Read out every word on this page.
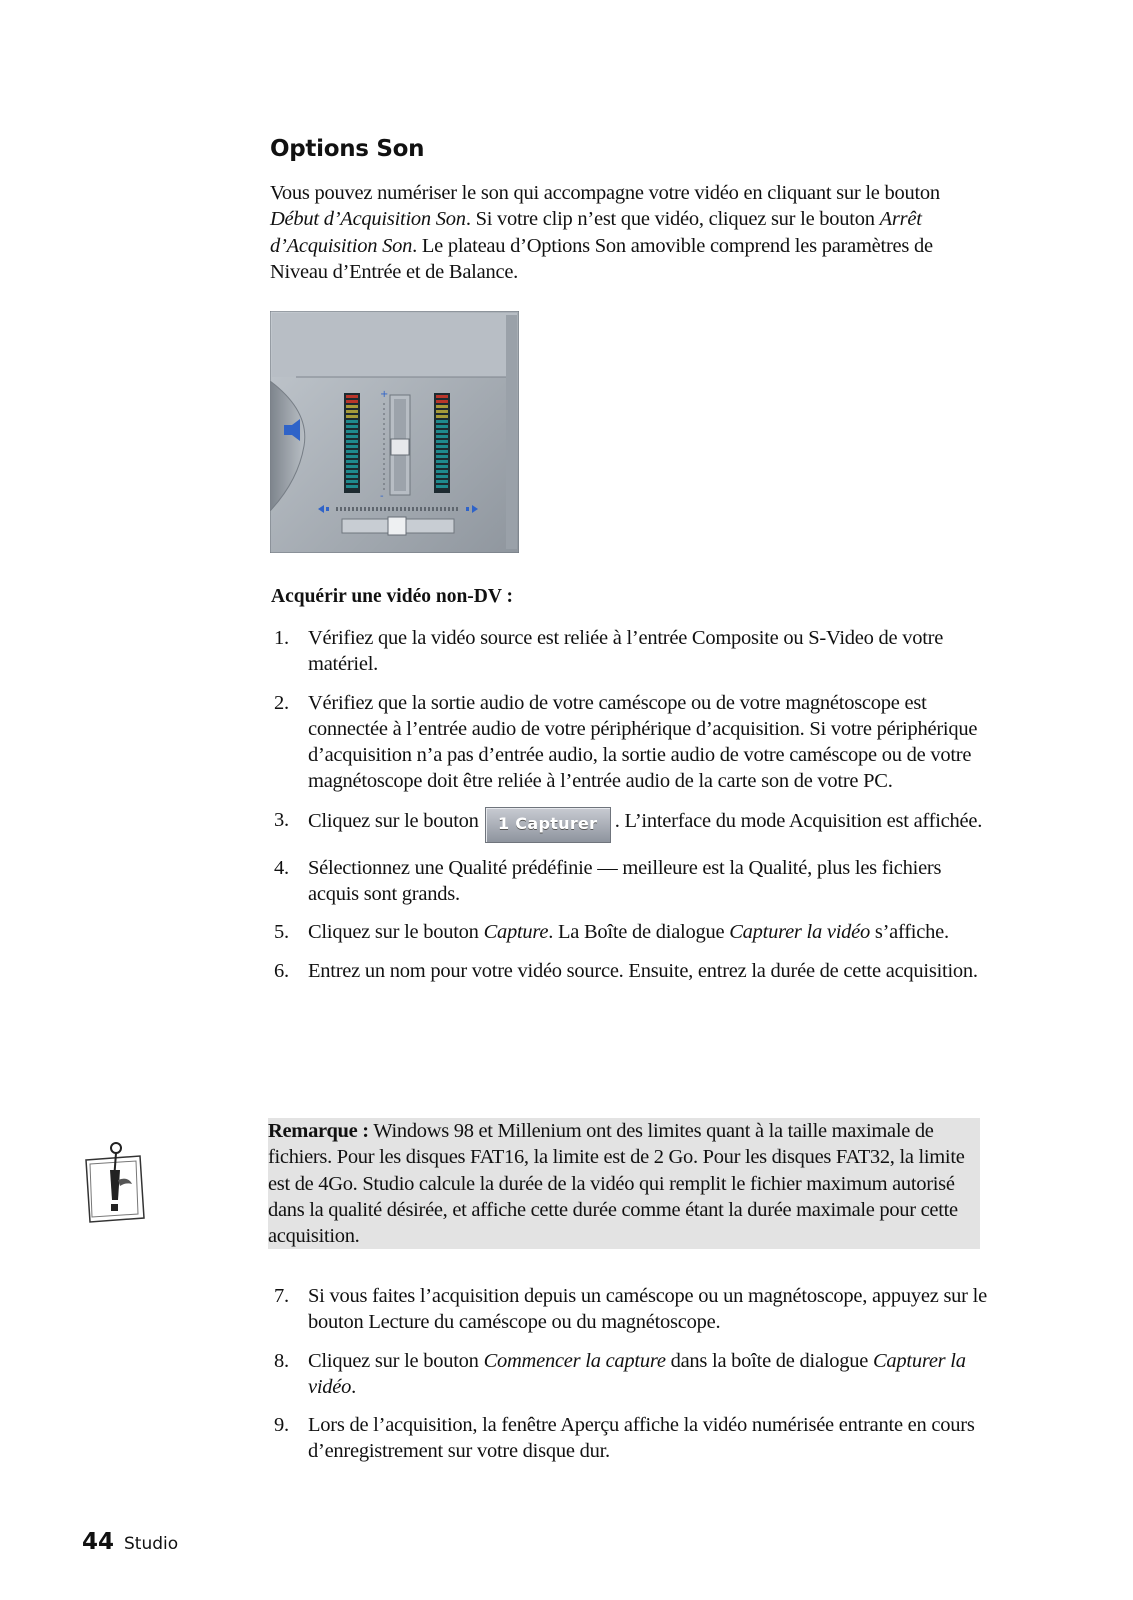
Options Son

Vous pouvez numériser le son qui accompagne votre vidéo en cliquant sur le bouton Début d’Acquisition Son. Si votre clip n’est que vidéo, cliquez sur le bouton Arrêt d’Acquisition Son. Le plateau d’Options Son amovible comprend les paramètres de Niveau d’Entrée et de Balance.

+
-
Acquérir une vidéo non-DV :
1. Vérifiez que la vidéo source est reliée à l’entrée Composite ou S-Video de votre matériel.
2. Vérifiez que la sortie audio de votre caméscope ou de votre magnétoscope est connectée à l’entrée audio de votre périphérique d’acquisition. Si votre périphérique d’acquisition n’a pas d’entrée audio, la sortie audio de votre caméscope ou de votre magnétoscope doit être reliée à l’entrée audio de la carte son de votre PC.
3. Cliquez sur le bouton 1 Capturer . L’interface du mode Acquisition est affichée.
4. Sélectionnez une Qualité prédéfinie — meilleure est la Qualité, plus les fichiers acquis sont grands.
5. Cliquez sur le bouton Capture. La Boîte de dialogue Capturer la vidéo s’affiche.
6. Entrez un nom pour votre vidéo source. Ensuite, entrez la durée de cette acquisition.

Remarque : Windows 98 et Millenium ont des limites quant à la taille maximale de fichiers. Pour les disques FAT16, la limite est de 2 Go. Pour les disques FAT32, la limite est de 4Go. Studio calcule la durée de la vidéo qui remplit le fichier maximum autorisé dans la qualité désirée, et affiche cette durée comme étant la durée maximale pour cette acquisition.

7. Si vous faites l’acquisition depuis un caméscope ou un magnétoscope, appuyez sur le bouton Lecture du caméscope ou du magnétoscope.
8. Cliquez sur le bouton Commencer la capture dans la boîte de dialogue Capturer la vidéo.
9. Lors de l’acquisition, la fenêtre Aperçu affiche la vidéo numérisée entrante en cours d’enregistrement sur votre disque dur.
44 Studio
